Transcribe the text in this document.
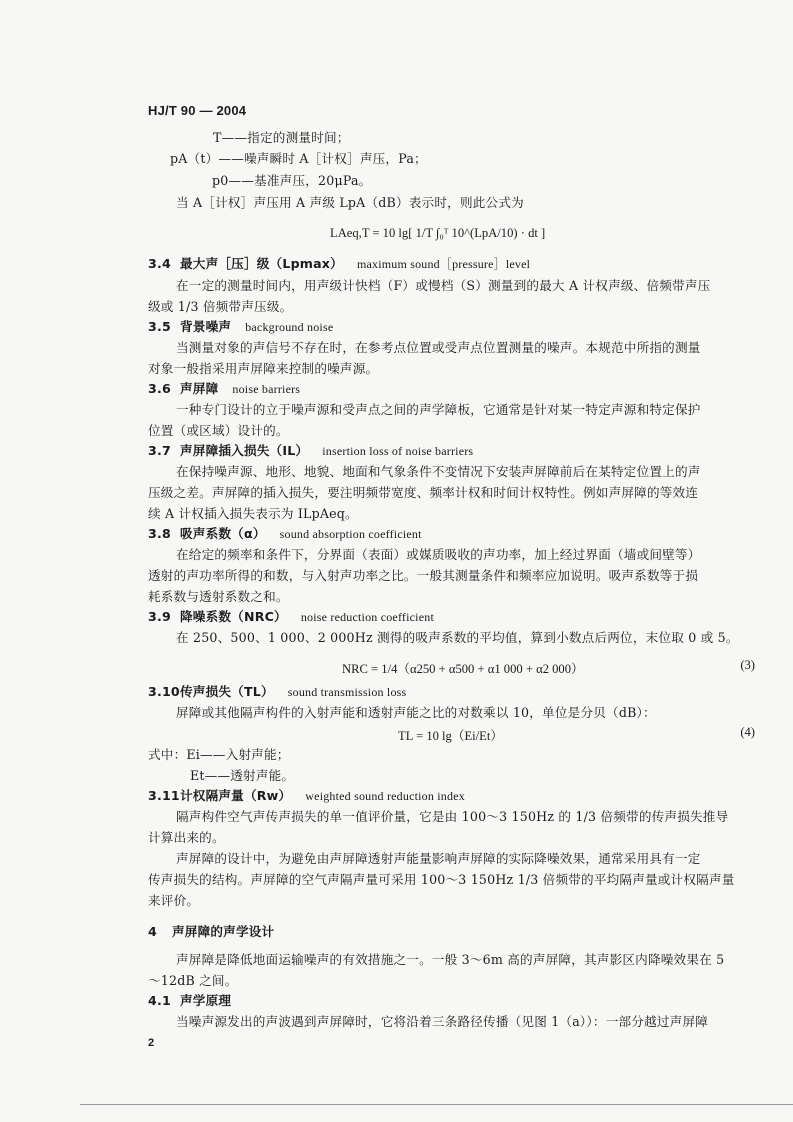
HJ/T 90 — 2004
T——指定的测量时间；
pA（t）——噪声瞬时 A［计权］声压，Pa；
p0——基准声压，20μPa。
当 A［计权］声压用 A 声级 LpA（dB）表示时，则此公式为
LAeq,T = 10 lg[ 1/T ∫₀ᵀ 10^(LpA/10) · dt ]
3.4 最大声［压］级（Lpmax） maximum sound［pressure］level
在一定的测量时间内，用声级计快档（F）或慢档（S）测量到的最大 A 计权声级、倍频带声压
级或 1/3 倍频带声压级。
3.5 背景噪声 background noise
当测量对象的声信号不存在时，在参考点位置或受声点位置测量的噪声。本规范中所指的测量
对象一般指采用声屏障来控制的噪声源。
3.6 声屏障 noise barriers
一种专门设计的立于噪声源和受声点之间的声学障板，它通常是针对某一特定声源和特定保护
位置（或区域）设计的。
3.7 声屏障插入损失（IL） insertion loss of noise barriers
在保持噪声源、地形、地貌、地面和气象条件不变情况下安装声屏障前后在某特定位置上的声
压级之差。声屏障的插入损失，要注明频带宽度、频率计权和时间计权特性。例如声屏障的等效连
续 A 计权插入损失表示为 ILpAeq。
3.8 吸声系数（α） sound absorption coefficient
在给定的频率和条件下，分界面（表面）或媒质吸收的声功率，加上经过界面（墙或间壁等）
透射的声功率所得的和数，与入射声功率之比。一般其测量条件和频率应加说明。吸声系数等于损
耗系数与透射系数之和。
3.9 降噪系数（NRC） noise reduction coefficient
在 250、500、1 000、2 000Hz 测得的吸声系数的平均值，算到小数点后两位，末位取 0 或 5。
NRC = 1/4（α250 + α500 + α1 000 + α2 000）	(3)
3.10传声损失（TL） sound transmission loss
屏障或其他隔声构件的入射声能和透射声能之比的对数乘以 10，单位是分贝（dB）：
TL = 10 lg（Ei/Et）	(4)
式中：Ei——入射声能；
Et——透射声能。
3.11计权隔声量（Rw） weighted sound reduction index
隔声构件空气声传声损失的单一值评价量，它是由 100～3 150Hz 的 1/3 倍频带的传声损失推导
计算出来的。
声屏障的设计中，为避免由声屏障透射声能量影响声屏障的实际降噪效果，通常采用具有一定
传声损失的结构。声屏障的空气声隔声量可采用 100～3 150Hz 1/3 倍频带的平均隔声量或计权隔声量
来评价。
4 声屏障的声学设计
声屏障是降低地面运输噪声的有效措施之一。一般 3～6m 高的声屏障，其声影区内降噪效果在 5
～12dB 之间。
4.1 声学原理
当噪声源发出的声波遇到声屏障时，它将沿着三条路径传播（见图 1（a））：一部分越过声屏障
2
